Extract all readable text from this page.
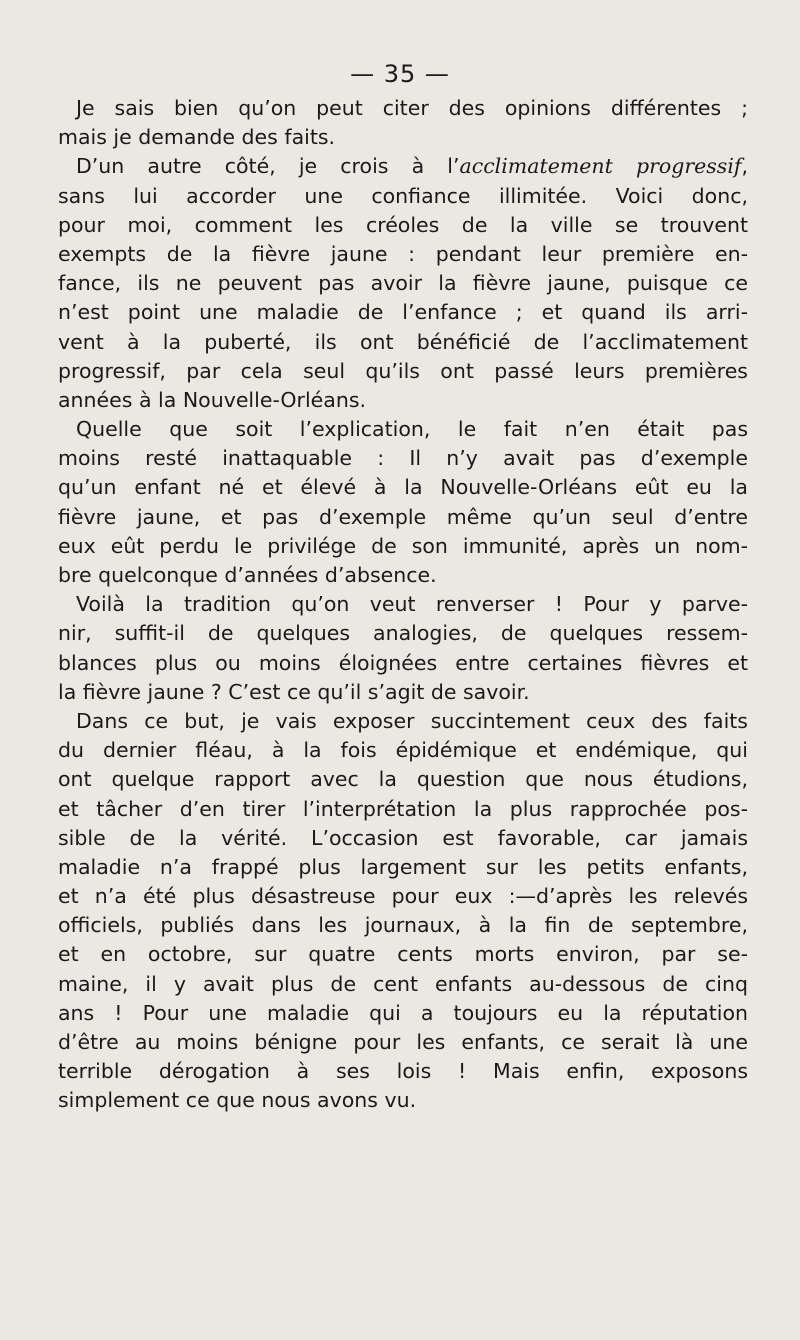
— 35 —
Je sais bien qu’on peut citer des opinions différentes ;
mais je demande des faits.
D’un autre côté, je crois à l’acclimatement progressif,
sans lui accorder une confiance illimitée. Voici donc,
pour moi, comment les créoles de la ville se trouvent
exempts de la fièvre jaune : pendant leur première en-
fance, ils ne peuvent pas avoir la fièvre jaune, puisque ce
n’est point une maladie de l’enfance ; et quand ils arri-
vent à la puberté, ils ont bénéficié de l’acclimatement
progressif, par cela seul qu’ils ont passé leurs premières
années à la Nouvelle-Orléans.
Quelle que soit l’explication, le fait n’en était pas
moins resté inattaquable : Il n’y avait pas d’exemple
qu’un enfant né et élevé à la Nouvelle-Orléans eût eu la
fièvre jaune, et pas d’exemple même qu’un seul d’entre
eux eût perdu le privilége de son immunité, après un nom-
bre quelconque d’années d’absence.
Voilà la tradition qu’on veut renverser ! Pour y parve-
nir, suffit-il de quelques analogies, de quelques ressem-
blances plus ou moins éloignées entre certaines fièvres et
la fièvre jaune ? C’est ce qu’il s’agit de savoir.
Dans ce but, je vais exposer succintement ceux des faits
du dernier fléau, à la fois épidémique et endémique, qui
ont quelque rapport avec la question que nous étudions,
et tâcher d’en tirer l’interprétation la plus rapprochée pos-
sible de la vérité. L’occasion est favorable, car jamais
maladie n’a frappé plus largement sur les petits enfants,
et n’a été plus désastreuse pour eux :—d’après les relevés
officiels, publiés dans les journaux, à la fin de septembre,
et en octobre, sur quatre cents morts environ, par se-
maine, il y avait plus de cent enfants au-dessous de cinq
ans ! Pour une maladie qui a toujours eu la réputation
d’être au moins bénigne pour les enfants, ce serait là une
terrible dérogation à ses lois ! Mais enfin, exposons
simplement ce que nous avons vu.
